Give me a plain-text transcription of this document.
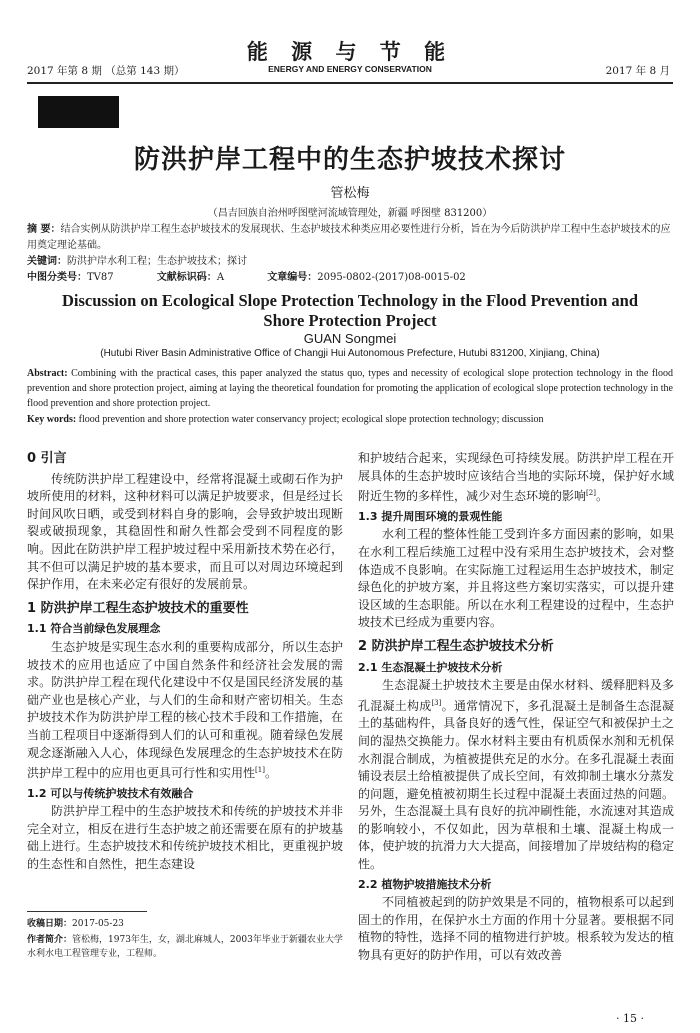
2017 年第 8 期 （总第 143 期）
能 源 与 节 能
ENERGY AND ENERGY CONSERVATION	2017 年 8 月
防洪护岸工程中的生态护坡技术探讨
管松梅
（昌吉回族自治州呼图壁河流域管理处，新疆 呼图壁 831200）
摘 要：结合实例从防洪护岸工程生态护坡技术的发展现状、生态护坡技术种类应用必要性进行分析，旨在为今后防洪护岸工程中生态护坡技术的应用奠定理论基础。
关键词：防洪护岸水利工程；生态护坡技术；探讨
中图分类号：TV87	文献标识码：A	文章编号：2095-0802-(2017)08-0015-02
Discussion on Ecological Slope Protection Technology in the Flood Prevention and Shore Protection Project
GUAN Songmei
(Hutubi River Basin Administrative Office of Changji Hui Autonomous Prefecture, Hutubi 831200, Xinjiang, China)
Abstract: Combining with the practical cases, this paper analyzed the status quo, types and necessity of ecological slope protection technology in the flood prevention and shore protection project, aiming at laying the theoretical foundation for promoting the application of ecological slope protection technology in the flood prevention and shore protection project.
Key words: flood prevention and shore protection water conservancy project; ecological slope protection technology; discussion
0 引言

传统防洪护岸工程建设中，经常将混凝土或砌石作为护坡所使用的材料，这种材料可以满足护坡要求，但是经过长时间风吹日晒，或受到材料自身的影响，会导致护坡出现断裂或破损现象，其稳固性和耐久性都会受到不同程度的影响。因此在防洪护岸工程护坡过程中采用新技术势在必行，其不但可以满足护坡的基本要求，而且可以对周边环境起到保护作用，在未来必定有很好的发展前景。

1 防洪护岸工程生态护坡技术的重要性
1.1 符合当前绿色发展理念

生态护坡是实现生态水利的重要构成部分，所以生态护坡技术的应用也适应了中国自然条件和经济社会发展的需求。防洪护岸工程在现代化建设中不仅是国民经济发展的基础产业也是核心产业，与人们的生命和财产密切相关。生态护坡技术作为防洪护岸工程的核心技术手段和工作措施，在当前工程项目中逐渐得到人们的认可和重视。随着绿色发展观念逐渐融入人心，体现绿色发展理念的生态护坡技术在防洪护岸工程中的应用也更具可行性和实用性[1]。

1.2 可以与传统护坡技术有效融合

防洪护岸工程中的生态护坡技术和传统的护坡技术并非完全对立，相反在进行生态护坡之前还需要在原有的护坡基础上进行。生态护坡技术和传统护坡技术相比，更重视护坡的生态性和自然性，把生态建设

和护坡结合起来，实现绿色可持续发展。防洪护岸工程在开展具体的生态护坡时应该结合当地的实际环境，保护好水域附近生物的多样性，减少对生态环境的影响[2]。

1.3 提升周围环境的景观性能

水利工程的整体性能工受到许多方面因素的影响，如果在水利工程后续施工过程中没有采用生态护坡技术，会对整体造成不良影响。在实际施工过程运用生态护坡技术，制定绿色化的护坡方案，并且将这些方案切实落实，可以提升建设区域的生态职能。所以在水利工程建设的过程中，生态护坡技术已经成为重要内容。

2 防洪护岸工程生态护坡技术分析
2.1 生态混凝土护坡技术分析

生态混凝土护坡技术主要是由保水材料、缓释肥料及多孔混凝土构成[3]。通常情况下，多孔混凝土是制备生态混凝土的基础构件，具备良好的透气性，保证空气和被保护土之间的湿热交换能力。保水材料主要由有机质保水剂和无机保水剂混合制成，为植被提供充足的水分。在多孔混凝土表面铺设表层土给植被提供了成长空间，有效抑制土壤水分蒸发的问题，避免植被初期生长过程中混凝土表面过热的问题。另外，生态混凝土具有良好的抗冲刷性能，水流速对其造成的影响较小，不仅如此，因为草根和土壤、混凝土构成一体，使护坡的抗滑力大大提高，间接增加了岸坡结构的稳定性。

2.2 植物护坡措施技术分析

不同植被起到的防护效果是不同的，植物根系可以起到固土的作用，在保护水土方面的作用十分显著。要根据不同植物的特性，选择不同的植物进行护坡。根系较为发达的植物具有更好的防护作用，可以有效改善

收稿日期：2017-05-23
作者简介：管松梅，1973年生，女，湖北麻城人，2003年毕业于新疆农业大学水利水电工程管理专业，工程师。
· 15 ·
